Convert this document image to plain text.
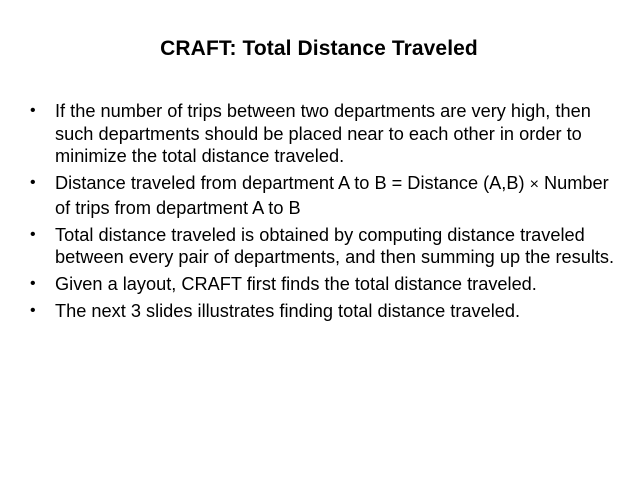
CRAFT: Total Distance Traveled
• If the number of trips between two departments are very high, then such departments should be placed near to each other in order to minimize the total distance traveled.
• Distance traveled from department A to B = Distance (A,B) × Number of trips from department A to B
• Total distance traveled is obtained by computing distance traveled between every pair of departments, and then summing up the results.
• Given a layout, CRAFT first finds the total distance traveled.
• The next 3 slides illustrates finding total distance traveled.
